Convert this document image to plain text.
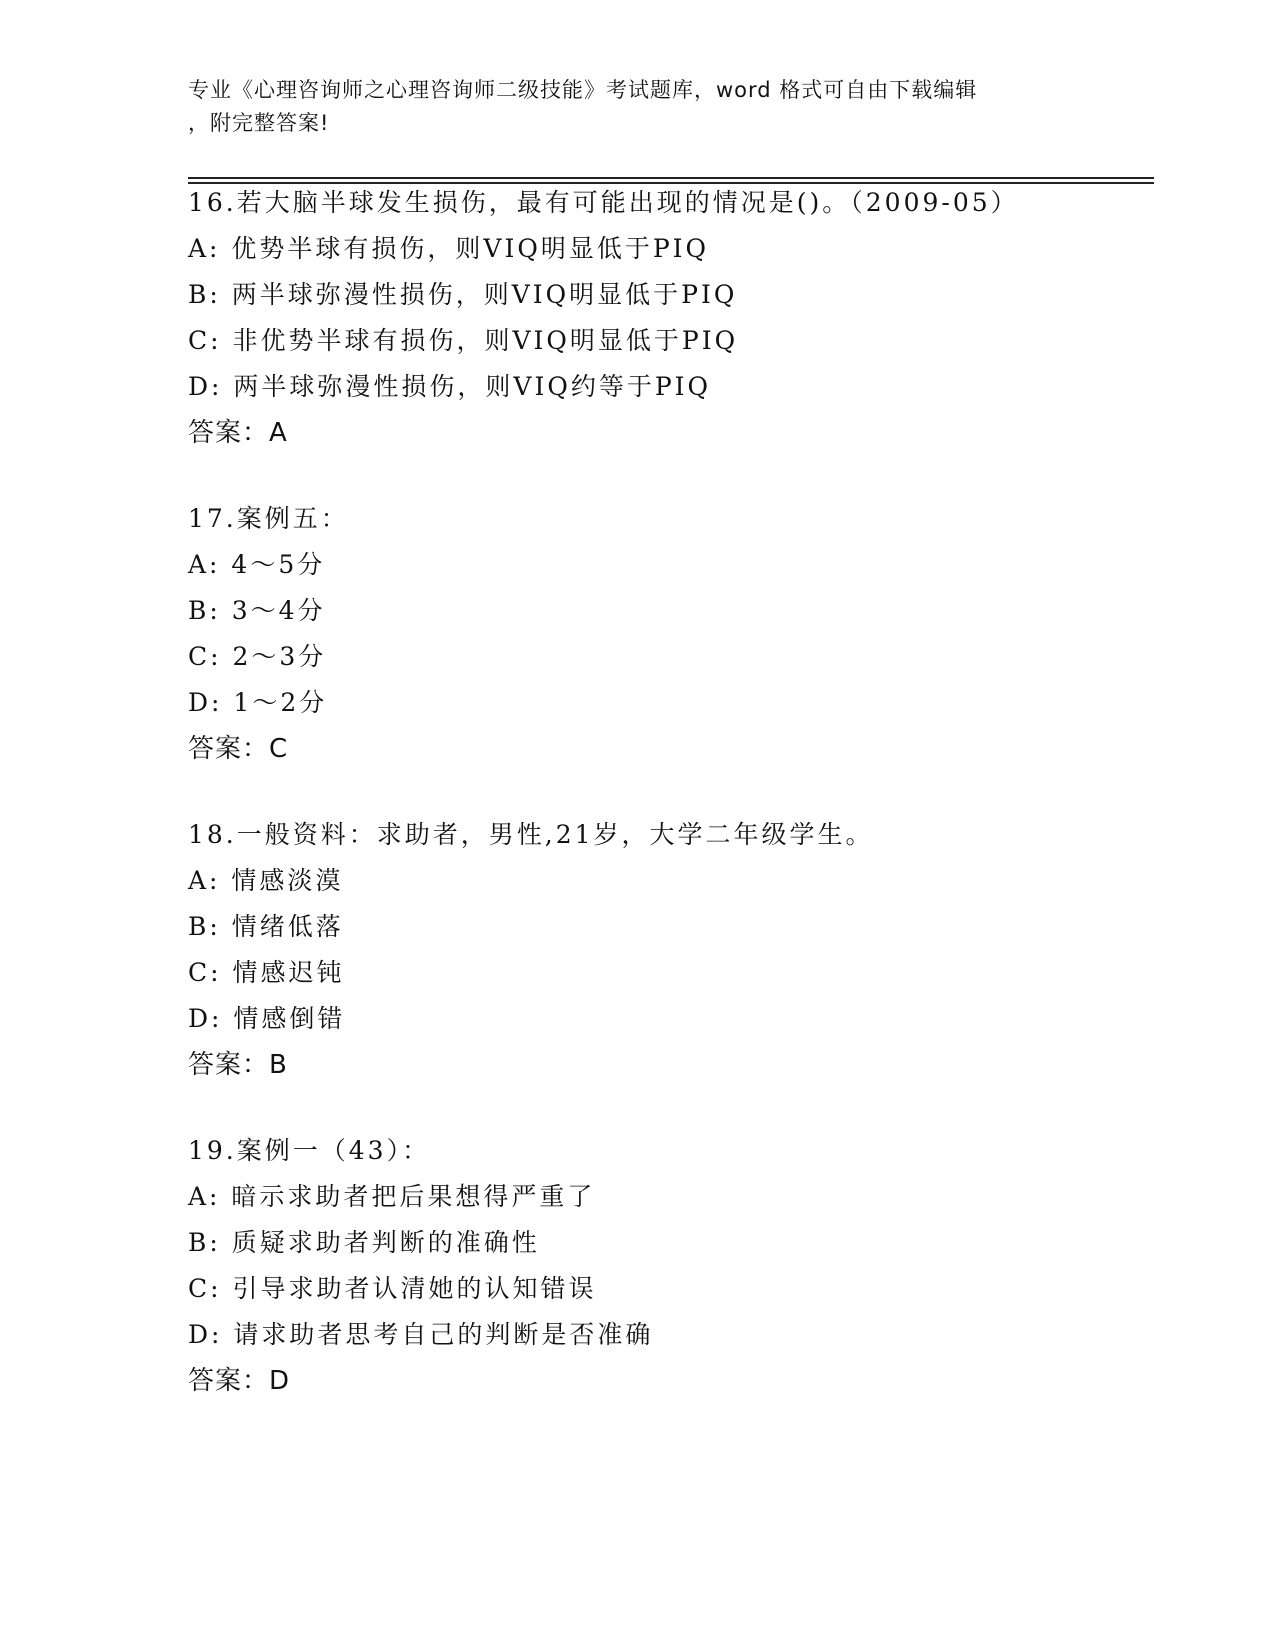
专业《心理咨询师之心理咨询师二级技能》考试题库，word 格式可自由下载编辑
，附完整答案!
16.若大脑半球发生损伤，最有可能出现的情况是()。（2009-05）
A: 优势半球有损伤，则VIQ明显低于PIQ
B: 两半球弥漫性损伤，则VIQ明显低于PIQ
C: 非优势半球有损伤，则VIQ明显低于PIQ
D: 两半球弥漫性损伤，则VIQ约等于PIQ
答案：A
17.案例五：
A: 4～5分
B: 3～4分
C: 2～3分
D: 1～2分
答案：C
18.一般资料：求助者，男性,21岁，大学二年级学生。
A: 情感淡漠
B: 情绪低落
C: 情感迟钝
D: 情感倒错
答案：B
19.案例一（43）：
A: 暗示求助者把后果想得严重了
B: 质疑求助者判断的准确性
C: 引导求助者认清她的认知错误
D: 请求助者思考自己的判断是否准确
答案：D
